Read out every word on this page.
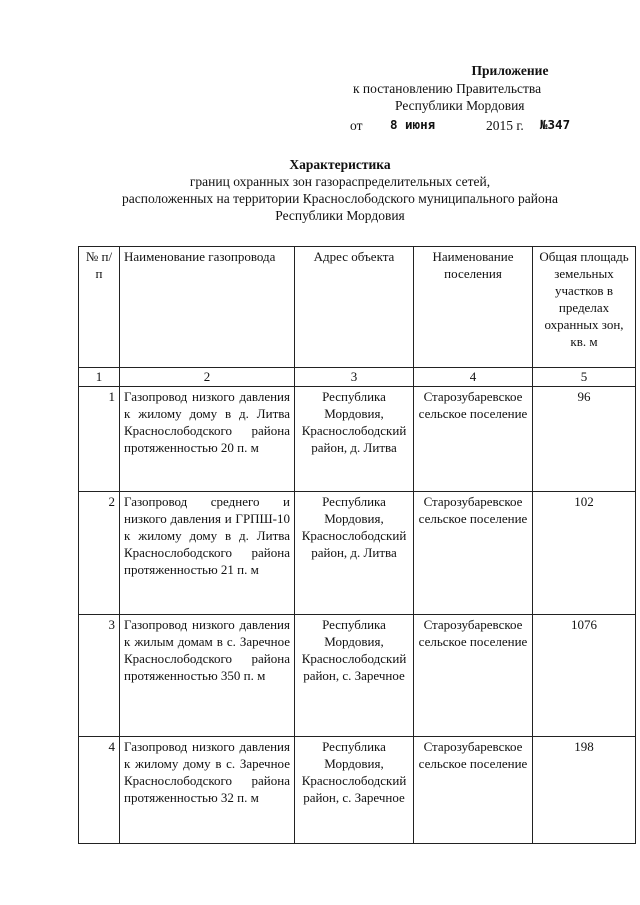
Приложение
к постановлению Правительства
Республики Мордовия
от 8 июня	2015 г. №347
Характеристика
границ охранных зон газораспределительных сетей,
расположенных на территории Краснослободского муниципального района
Республики Мордовия
№ п/п	Наименование газопровода	Адрес объекта	Наименование поселения	Общая площадь земельных участков в пределах охранных зон, кв. м
1	2	3	4	5
1	Газопровод низкого давления к жилому дому в д. Литва Краснослободского района протяженностью 20 п. м	Республика Мордовия, Краснослободский район, д. Литва	Старозубаревское сельское поселение	96
2	Газопровод среднего и низкого давления и ГРПШ-10 к жилому дому в д. Литва Краснослободского района протяженностью 21 п. м	Республика Мордовия, Краснослободский район, д. Литва	Старозубаревское сельское поселение	102
3	Газопровод низкого давления к жилым домам в с. Заречное Краснослободского района протяженностью 350 п. м	Республика Мордовия, Краснослободский район, с. Заречное	Старозубаревское сельское поселение	1076
4	Газопровод низкого давления к жилому дому в с. Заречное Краснослободского района протяженностью 32 п. м	Республика Мордовия, Краснослободский район, с. Заречное	Старозубаревское сельское поселение	198
